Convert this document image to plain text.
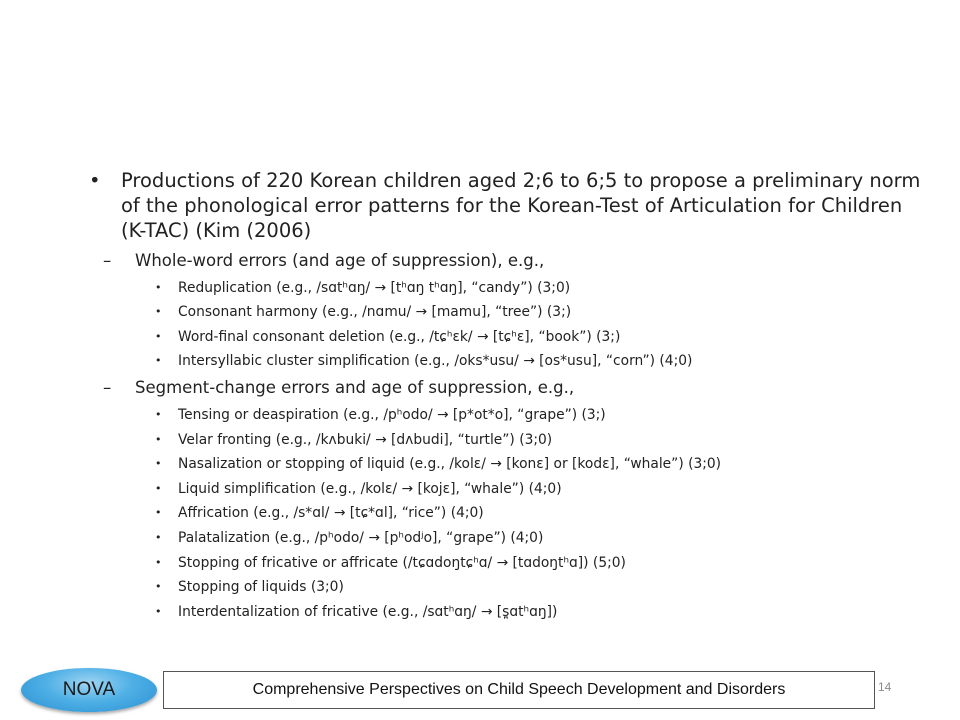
• Productions of 220 Korean children aged 2;6 to 6;5 to propose a preliminary norm of the phonological error patterns for the Korean-Test of Articulation for Children (K-TAC) (Kim (2006)
– Whole-word errors (and age of suppression), e.g.,
• Reduplication (e.g., /sɑtʰɑŋ/ → [tʰɑŋ tʰɑŋ], “candy”) (3;0)
• Consonant harmony (e.g., /nɑmu/ → [mamu], “tree”) (3;)
• Word-final consonant deletion (e.g., /tɕʰɛk/ → [tɕʰɛ], “book”) (3;)
• Intersyllabic cluster simplification (e.g., /oks*usu/ → [os*usu], “corn”) (4;0)
– Segment-change errors and age of suppression, e.g.,
• Tensing or deaspiration (e.g., /pʰodo/ → [p*ot*o], “grape”) (3;)
• Velar fronting (e.g., /kʌbuki/ → [dʌbudi], “turtle”) (3;0)
• Nasalization or stopping of liquid (e.g., /kolɛ/ → [konɛ] or [kodɛ], “whale”) (3;0)
• Liquid simplification (e.g., /kolɛ/ → [kojɛ], “whale”) (4;0)
• Affrication (e.g., /s*ɑl/ → [tɕ*ɑl], “rice”) (4;0)
• Palatalization (e.g., /pʰodo/ → [pʰodʲo], “grape”) (4;0)
• Stopping of fricative or affricate (/tɕɑdoŋtɕʰɑ/ → [tɑdoŋtʰɑ]) (5;0)
• Stopping of liquids (3;0)
• Interdentalization of fricative (e.g., /sɑtʰɑŋ/ → [s̪ɑtʰɑŋ])
NOVA	Comprehensive Perspectives on Child Speech Development and Disorders	14
